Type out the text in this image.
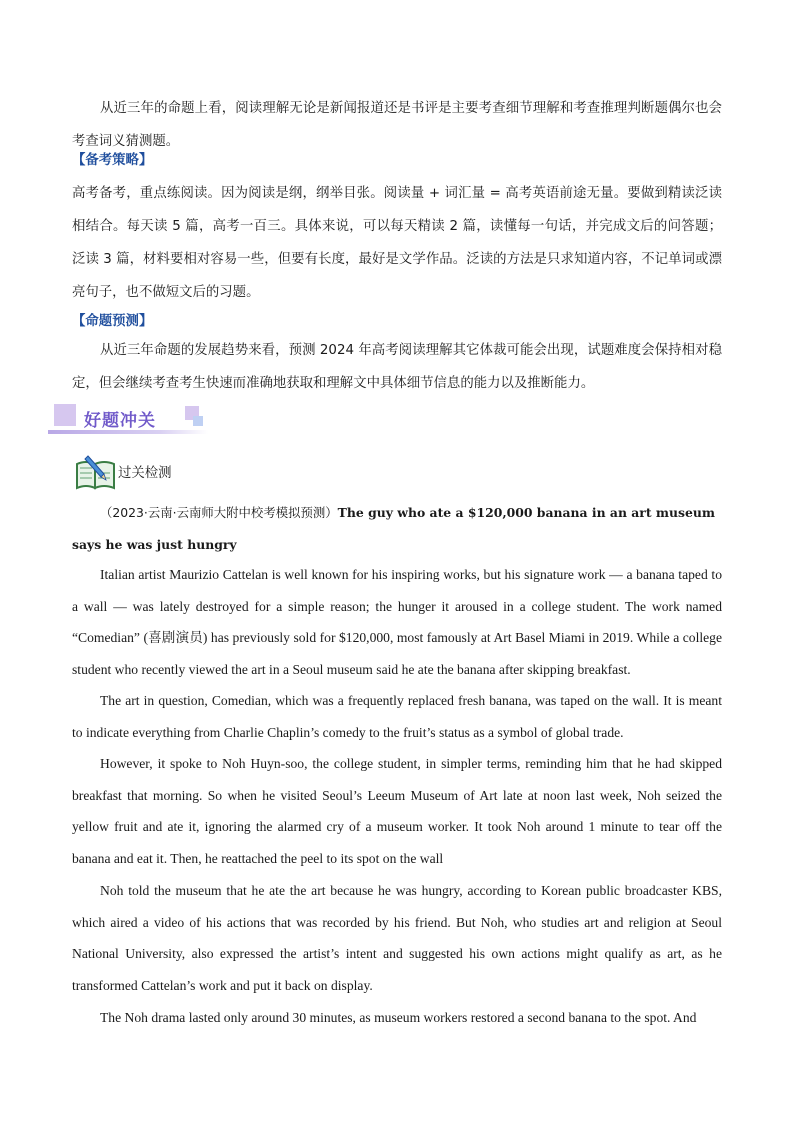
从近三年的命题上看，阅读理解无论是新闻报道还是书评是主要考查细节理解和考查推理判断题偶尔也会考查词义猜测题。

【备考策略】

高考备考，重点练阅读。因为阅读是纲，纲举目张。阅读量 + 词汇量 = 高考英语前途无量。要做到精读泛读相结合。每天读 5 篇，高考一百三。具体来说，可以每天精读 2 篇，读懂每一句话，并完成文后的问答题；泛读 3 篇，材料要相对容易一些，但要有长度，最好是文学作品。泛读的方法是只求知道内容，不记单词或漂亮句子，也不做短文后的习题。

【命题预测】

从近三年命题的发展趋势来看，预测 2024 年高考阅读理解其它体裁可能会出现，试题难度会保持相对稳定，但会继续考查考生快速而准确地获取和理解文中具体细节信息的能力以及推断能力。

好题冲关
过关检测

（2023·云南·云南师大附中校考模拟预测）The guy who ate a $120,000 banana in an art museum says he was just hungry

Italian artist Maurizio Cattelan is well known for his inspiring works, but his signature work — a banana taped to a wall — was lately destroyed for a simple reason; the hunger it aroused in a college student. The work named “Comedian” (喜剧演员) has previously sold for $120,000, most famously at Art Basel Miami in 2019. While a college student who recently viewed the art in a Seoul museum said he ate the banana after skipping breakfast.

The art in question, Comedian, which was a frequently replaced fresh banana, was taped on the wall. It is meant to indicate everything from Charlie Chaplin’s comedy to the fruit’s status as a symbol of global trade.

However, it spoke to Noh Huyn-soo, the college student, in simpler terms, reminding him that he had skipped breakfast that morning. So when he visited Seoul’s Leeum Museum of Art late at noon last week, Noh seized the yellow fruit and ate it, ignoring the alarmed cry of a museum worker. It took Noh around 1 minute to tear off the banana and eat it. Then, he reattached the peel to its spot on the wall

Noh told the museum that he ate the art because he was hungry, according to Korean public broadcaster KBS, which aired a video of his actions that was recorded by his friend. But Noh, who studies art and religion at Seoul National University, also expressed the artist’s intent and suggested his own actions might qualify as art, as he transformed Cattelan’s work and put it back on display.

The Noh drama lasted only around 30 minutes, as museum workers restored a second banana to the spot. And
